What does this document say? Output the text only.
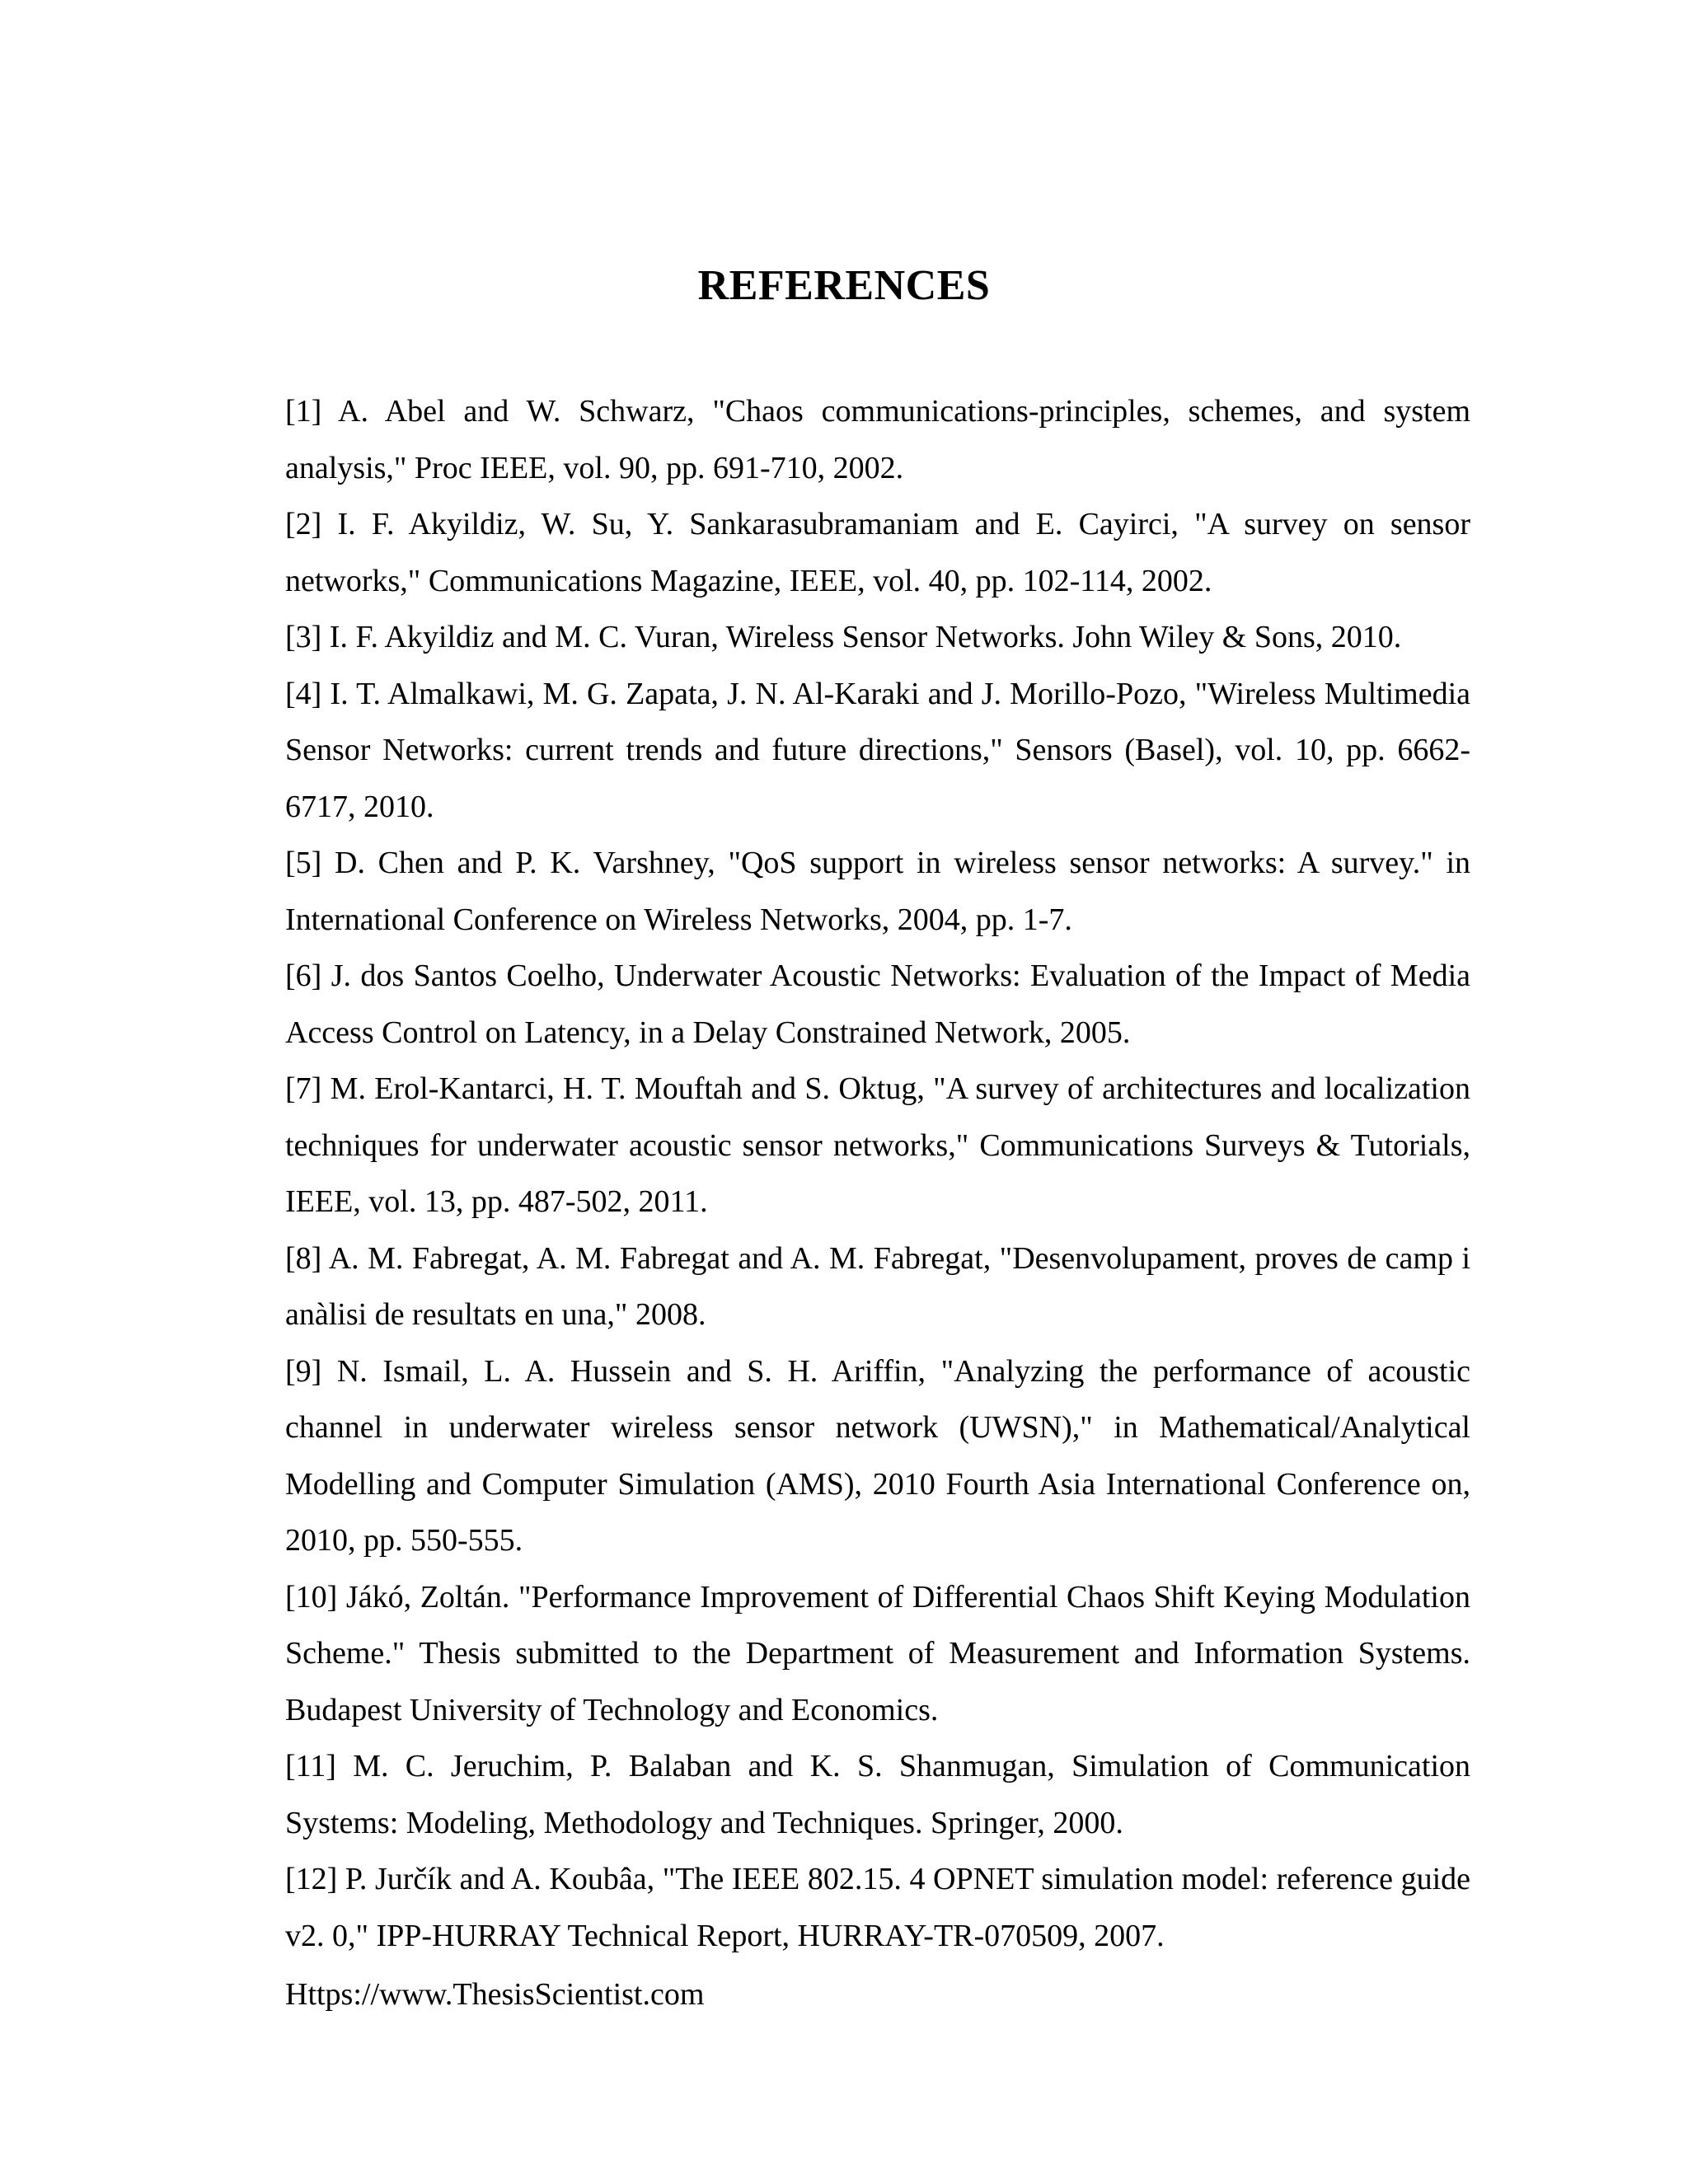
REFERENCES
[1] A. Abel and W. Schwarz, "Chaos communications-principles, schemes, and system analysis," Proc IEEE, vol. 90, pp. 691-710, 2002.
[2] I. F. Akyildiz, W. Su, Y. Sankarasubramaniam and E. Cayirci, "A survey on sensor networks," Communications Magazine, IEEE, vol. 40, pp. 102-114, 2002.
[3] I. F. Akyildiz and M. C. Vuran, Wireless Sensor Networks. John Wiley & Sons, 2010.
[4] I. T. Almalkawi, M. G. Zapata, J. N. Al-Karaki and J. Morillo-Pozo, "Wireless Multimedia Sensor Networks: current trends and future directions," Sensors (Basel), vol. 10, pp. 6662-6717, 2010.
[5] D. Chen and P. K. Varshney, "QoS support in wireless sensor networks: A survey." in International Conference on Wireless Networks, 2004, pp. 1-7.
[6] J. dos Santos Coelho, Underwater Acoustic Networks: Evaluation of the Impact of Media Access Control on Latency, in a Delay Constrained Network, 2005.
[7] M. Erol-Kantarci, H. T. Mouftah and S. Oktug, "A survey of architectures and localization techniques for underwater acoustic sensor networks," Communications Surveys & Tutorials, IEEE, vol. 13, pp. 487-502, 2011.
[8] A. M. Fabregat, A. M. Fabregat and A. M. Fabregat, "Desenvolupament, proves de camp i anàlisi de resultats en una," 2008.
[9] N. Ismail, L. A. Hussein and S. H. Ariffin, "Analyzing the performance of acoustic channel in underwater wireless sensor network (UWSN)," in Mathematical/Analytical Modelling and Computer Simulation (AMS), 2010 Fourth Asia International Conference on, 2010, pp. 550-555.
[10] Jákó, Zoltán. "Performance Improvement of Differential Chaos Shift Keying Modulation Scheme." Thesis submitted to the Department of Measurement and Information Systems. Budapest University of Technology and Economics.
[11] M. C. Jeruchim, P. Balaban and K. S. Shanmugan, Simulation of Communication Systems: Modeling, Methodology and Techniques. Springer, 2000.
[12] P. Jurčík and A. Koubâa, "The IEEE 802.15. 4 OPNET simulation model: reference guide v2. 0," IPP-HURRAY Technical Report, HURRAY-TR-070509, 2007.
Https://www.ThesisScientist.com
